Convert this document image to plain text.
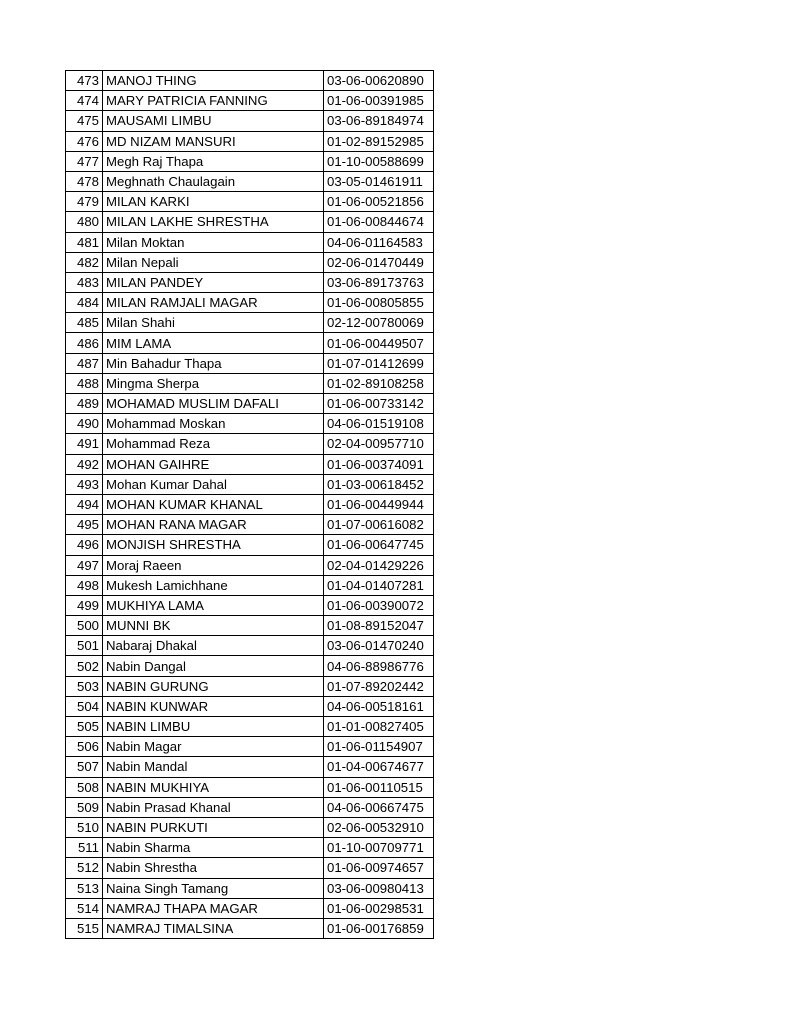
473	MANOJ THING	03-06-00620890
474	MARY PATRICIA FANNING	01-06-00391985
475	MAUSAMI LIMBU	03-06-89184974
476	MD NIZAM MANSURI	01-02-89152985
477	Megh Raj Thapa	01-10-00588699
478	Meghnath Chaulagain	03-05-01461911
479	MILAN KARKI	01-06-00521856
480	MILAN LAKHE SHRESTHA	01-06-00844674
481	Milan Moktan	04-06-01164583
482	Milan Nepali	02-06-01470449
483	MILAN PANDEY	03-06-89173763
484	MILAN RAMJALI MAGAR	01-06-00805855
485	Milan Shahi	02-12-00780069
486	MIM LAMA	01-06-00449507
487	Min Bahadur Thapa	01-07-01412699
488	Mingma Sherpa	01-02-89108258
489	MOHAMAD MUSLIM DAFALI	01-06-00733142
490	Mohammad Moskan	04-06-01519108
491	Mohammad Reza	02-04-00957710
492	MOHAN GAIHRE	01-06-00374091
493	Mohan Kumar Dahal	01-03-00618452
494	MOHAN KUMAR KHANAL	01-06-00449944
495	MOHAN RANA MAGAR	01-07-00616082
496	MONJISH SHRESTHA	01-06-00647745
497	Moraj Raeen	02-04-01429226
498	Mukesh Lamichhane	01-04-01407281
499	MUKHIYA LAMA	01-06-00390072
500	MUNNI BK	01-08-89152047
501	Nabaraj Dhakal	03-06-01470240
502	Nabin Dangal	04-06-88986776
503	NABIN GURUNG	01-07-89202442
504	NABIN KUNWAR	04-06-00518161
505	NABIN LIMBU	01-01-00827405
506	Nabin Magar	01-06-01154907
507	Nabin Mandal	01-04-00674677
508	NABIN MUKHIYA	01-06-00110515
509	Nabin Prasad Khanal	04-06-00667475
510	NABIN PURKUTI	02-06-00532910
511	Nabin Sharma	01-10-00709771
512	Nabin Shrestha	01-06-00974657
513	Naina Singh Tamang	03-06-00980413
514	NAMRAJ THAPA MAGAR	01-06-00298531
515	NAMRAJ TIMALSINA	01-06-00176859
